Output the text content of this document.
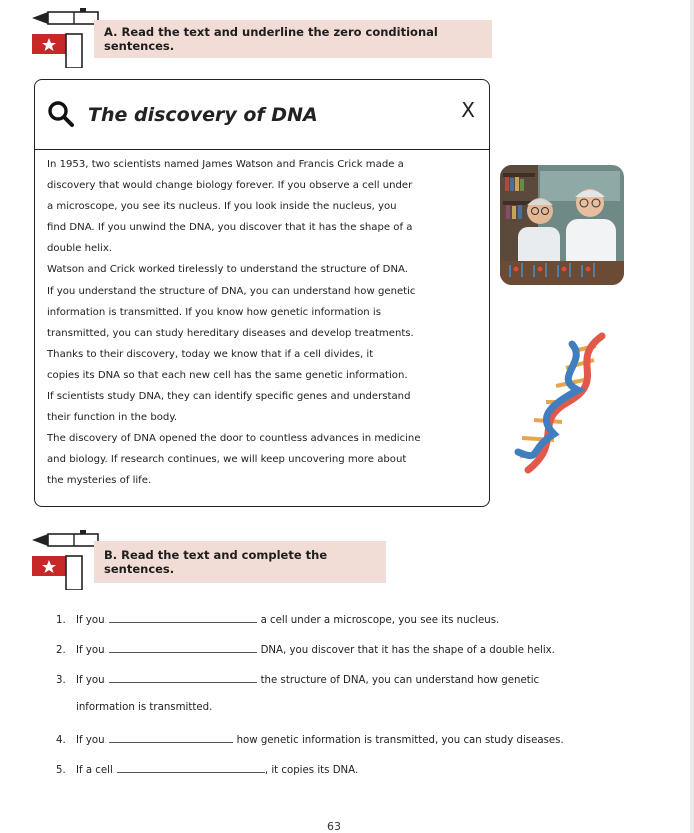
A. Read the text and underline the zero conditional sentences.
The discovery of DNA	X

In 1953, two scientists named James Watson and Francis Crick made a

discovery that would change biology forever. If you observe a cell under

a microscope, you see its nucleus. If you look inside the nucleus, you

find DNA. If you unwind the DNA, you discover that it has the shape of a

double helix.

Watson and Crick worked tirelessly to understand the structure of DNA.

If you understand the structure of DNA, you can understand how genetic

information is transmitted. If you know how genetic information is

transmitted, you can study hereditary diseases and develop treatments.

Thanks to their discovery, today we know that if a cell divides, it

copies its DNA so that each new cell has the same genetic information.

If scientists study DNA, they can identify specific genes and understand

their function in the body.

The discovery of DNA opened the door to countless advances in medicine

and biology. If research continues, we will keep uncovering more about

the mysteries of life.

B. Read the text and complete the sentences.
1. If you	a cell under a microscope, you see its nucleus.
2. If you	DNA, you discover that it has the shape of a double helix.
3. If you	the structure of DNA, you can understand how genetic
information is transmitted.
4. If you	how genetic information is transmitted, you can study diseases.
5. If a cell	, it copies its DNA.
63
